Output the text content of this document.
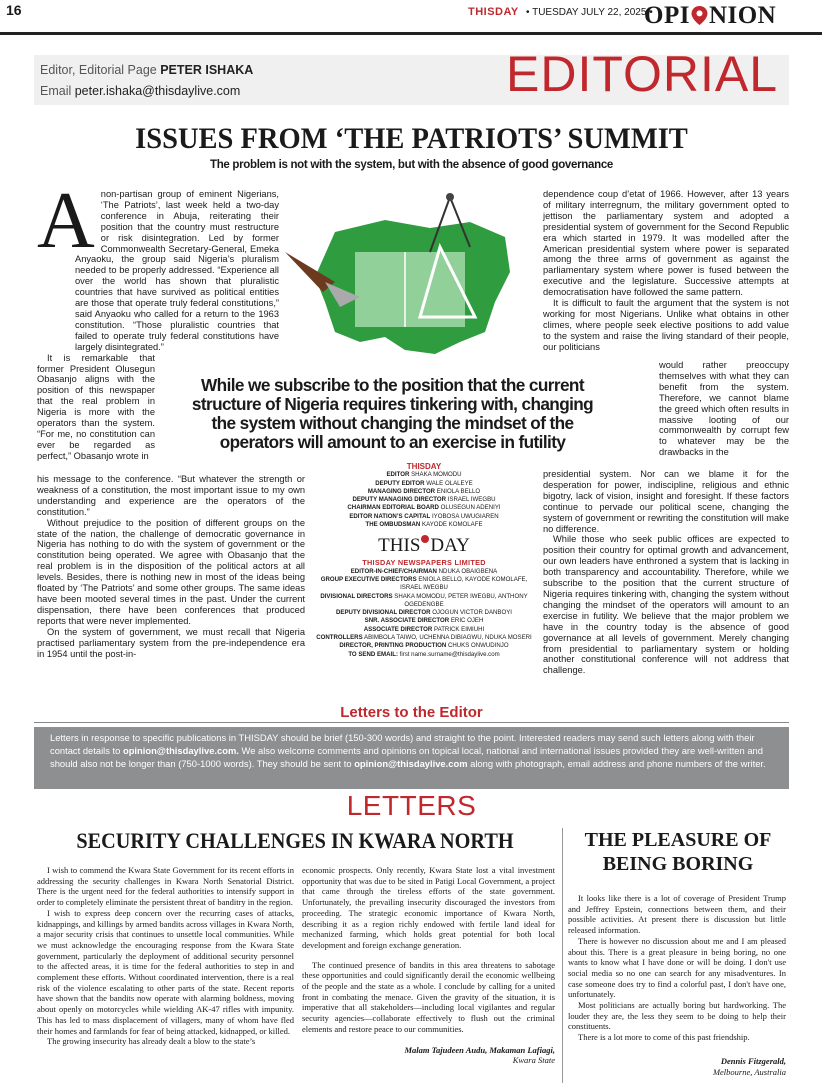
16	THISDAY • TUESDAY JULY 22, 2025 •
OPI NION
Editor, Editorial Page PETER ISHAKA
Email peter.ishaka@thisdaylive.com	EDITORIAL
ISSUES FROM ‘THE PATRIOTS’ SUMMIT
The problem is not with the system, but with the absence of good governance
A non-partisan group of eminent Nigerians, ‘The Patriots’, last week held a two-day conference in Abuja, reiterating their position that the country must restructure or risk disintegration. Led by former Commonwealth Secretary-General, Emeka Anyaoku, the group said Nigeria’s pluralism needed to be properly addressed. “Experience all over the world has shown that pluralistic countries that have survived as political entities are those that operate truly federal constitutions,” said Anyaoku who called for a return to the 1963 constitution. “Those pluralistic countries that failed to operate truly federal constitutions have largely disintegrated.”

It is remarkable that former President Olusegun Obasanjo aligns with the position of this newspaper that the real problem in Nigeria is more with the operators than the system. “For me, no constitution can ever be regarded as perfect,” Obasanjo wrote in

his message to the conference. “But whatever the strength or weakness of a constitution, the most important issue to my own understanding and experience are the operators of the constitution.”

Without prejudice to the position of different groups on the state of the nation, the challenge of democratic governance in Nigeria has nothing to do with the system of government or the constitution being operated. We agree with Obasanjo that the real problem is in the disposition of the political actors at all levels. Besides, there is nothing new in most of the ideas being floated by ‘The Patriots’ and some other groups. The same ideas have been mooted several times in the past. Under the current dispensation, there have been conferences that produced reports that were never implemented.

On the system of government, we must recall that Nigeria practised parliamentary system from the pre-independence era in 1954 until the post-in-

While we subscribe to the position that the current structure of Nigeria requires tinkering with, changing the system without changing the mindset of the operators will amount to an exercise in futility

dependence coup d’etat of 1966. However, after 13 years of military interregnum, the military government opted to jettison the parliamentary system and adopted a presidential system of government for the Second Republic era which started in 1979. It was modelled after the American presidential system where power is separated among the three arms of government as against the parliamentary system where power is fused between the executive and the legislature. Successive attempts at democratisation have followed the same pattern.

It is difficult to fault the argument that the system is not working for most Nigerians. Unlike what obtains in other climes, where people seek elective positions to add value to the system and raise the living standard of their people, our politicians

would rather preoccupy themselves with what they can benefit from the system. Therefore, we cannot blame the greed which often results in massive looting of our commonwealth by corrupt few to whatever may be the drawbacks in the

presidential system. Nor can we blame it for the desperation for power, indiscipline, religious and ethnic bigotry, lack of vision, insight and foresight. If these factors continue to pervade our political scene, changing the system of government or rewriting the constitution will make no difference.

While those who seek public offices are expected to position their country for optimal growth and advancement, our own leaders have enthroned a system that is lacking in both transparency and accountability. Therefore, while we subscribe to the position that the current structure of Nigeria requires tinkering with, changing the system without changing the mindset of the operators will amount to an exercise in futility. We believe that the major problem we have in the country today is the absence of good governance at all levels of government. Merely changing from presidential to parliamentary system or holding another constitutional conference will not address that challenge.

THISDAY
EDITOR SHAKA MOMODU
DEPUTY EDITOR WALE OLALEYE
MANAGING DIRECTOR ENIOLA BELLO
DEPUTY MANAGING DIRECTOR ISRAEL IWEGBU
CHAIRMAN EDITORIAL BOARD OLUSEGUN ADENIYI
EDITOR NATION’S CAPITAL IYOBOSA UWUGIAREN
THE OMBUDSMAN KAYODE KOMOLAFE
THIS DAY
THISDAY NEWSPAPERS LIMITED
EDITOR-IN-CHIEF/CHAIRMAN NDUKA OBAIGBENA
GROUP EXECUTIVE DIRECTORS ENIOLA BELLO, KAYODE KOMOLAFE, ISRAEL IWEGBU
DIVISIONAL DIRECTORS SHAKA MOMODU, PETER IWEGBU, ANTHONY OGEDENGBE
DEPUTY DIVISIONAL DIRECTOR OJOGUN VICTOR DANBOYI
SNR. ASSOCIATE DIRECTOR ERIC OJEH
ASSOCIATE DIRECTOR PATRICK EIMIUHI
CONTROLLERS ABIMBOLA TAIWO, UCHENNA DIBIAGWU, NDUKA MOSERI
DIRECTOR, PRINTING PRODUCTION CHUKS ONWUDINJO
TO SEND EMAIL: first name.surname@thisdaylive.com
Letters to the Editor
Letters in response to specific publications in THISDAY should be brief (150-300 words) and straight to the point. Interested readers may send such letters along with their contact details to opinion@thisdaylive.com. We also welcome comments and opinions on topical local, national and international issues provided they are well-written and should also not be longer than (750-1000 words). They should be sent to opinion@thisdaylive.com along with photograph, email address and phone numbers of the writer.
LETTERS
SECURITY CHALLENGES IN KWARA NORTH

I wish to commend the Kwara State Government for its recent efforts in addressing the security challenges in Kwara North Senatorial District. There is the urgent need for the federal authorities to intensify support in order to completely eliminate the persistent threat of banditry in the region.

I wish to express deep concern over the recurring cases of attacks, kidnappings, and killings by armed bandits across villages in Kwara North, a major security crisis that continues to unsettle local communities. While we must acknowledge the encouraging response from the Kwara State government, particularly the deployment of additional security personnel to the affected areas, it is time for the federal authorities to step in and complement these efforts. Without coordinated intervention, there is a real risk of the violence escalating to other parts of the state. Recent reports have shown that the bandits now operate with alarming boldness, moving about openly on motorcycles while wielding AK-47 rifles with impunity. This has led to mass displacement of villagers, many of whom have fled their homes and farmlands for fear of being attacked, kidnapped, or killed.

The growing insecurity has already dealt a blow to the state’s

economic prospects. Only recently, Kwara State lost a vital investment opportunity that was due to be sited in Patigi Local Government, a project that came through the tireless efforts of the state government. Unfortunately, the prevailing insecurity discouraged the investors from proceeding. The strategic economic importance of Kwara North, describing it as a region richly endowed with fertile land ideal for mechanized farming, which holds great potential for both local development and foreign exchange generation.

The continued presence of bandits in this area threatens to sabotage these opportunities and could significantly derail the economic wellbeing of the people and the state as a whole. I conclude by calling for a united front in combating the menace. Given the gravity of the situation, it is imperative that all stakeholders—including local vigilantes and regular security agencies—collaborate effectively to flush out the criminal elements and restore peace to our communities.

Malam Tajudeen Audu, Makaman Lafiagi,
Kwara State
THE PLEASURE OF BEING BORING

It looks like there is a lot of coverage of President Trump and Jeffrey Epstein, connections between them, and their possible activities. At present there is discussion but little released information.

There is however no discussion about me and I am pleased about this. There is a great pleasure in being boring, no one wants to know what I have done or will be doing. I don't use social media so no one can search for any misadventures. In case someone does try to find a colorful past, I don't have one, unfortunately.

Most politicians are actually boring but hardworking. The louder they are, the less they seem to be doing to help their constituents.

There is a lot more to come of this past friendship.

Dennis Fitzgerald,
Melbourne, Australia
